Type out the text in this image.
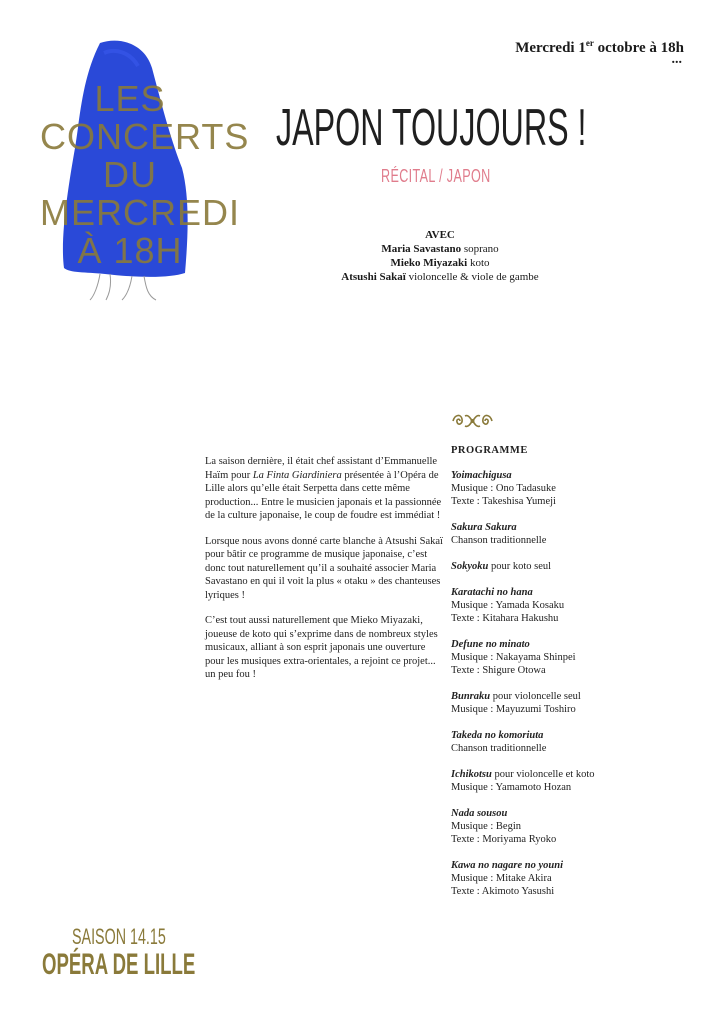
Mercredi 1er octobre à 18h
...
LES CONCERTS
DU MERCREDI
À 18H
JAPON TOUJOURS !
RÉCITAL / JAPON
AVEC
Maria Savastano soprano
Mieko Miyazaki koto
Atsushi Sakaï violoncelle & viole de gambe

La saison dernière, il était chef assistant d’Emmanuelle Haïm pour La Finta Giardiniera présentée à l’Opéra de Lille alors qu’elle était Serpetta dans cette même production... Entre le musicien japonais et la passionnée de la culture japonaise, le coup de foudre est immédiat !

Lorsque nous avons donné carte blanche à Atsushi Sakaï pour bâtir ce programme de musique japonaise, c’est donc tout naturellement qu’il a souhaité associer Maria Savastano en qui il voit la plus « otaku » des chanteuses lyriques !

C’est tout aussi naturellement que Mieko Miyazaki, joueuse de koto qui s’exprime dans de nombreux styles musicaux, alliant à son esprit japonais une ouverture pour les musiques extra-orientales, a rejoint ce projet... un peu fou !

PROGRAMME
Yoimachigusa
Musique : Ono Tadasuke
Texte : Takeshisa Yumeji
Sakura Sakura
Chanson traditionnelle
Sokyoku pour koto seul
Karatachi no hana
Musique : Yamada Kosaku
Texte : Kitahara Hakushu
Defune no minato
Musique : Nakayama Shinpei
Texte : Shigure Otowa
Bunraku pour violoncelle seul
Musique : Mayuzumi Toshiro
Takeda no komoriuta
Chanson traditionnelle
Ichikotsu pour violoncelle et koto
Musique : Yamamoto Hozan
Nada sousou
Musique : Begin
Texte : Moriyama Ryoko
Kawa no nagare no youni
Musique : Mitake Akira
Texte : Akimoto Yasushi
SAISON 14.15
OPÉRA DE LILLE
